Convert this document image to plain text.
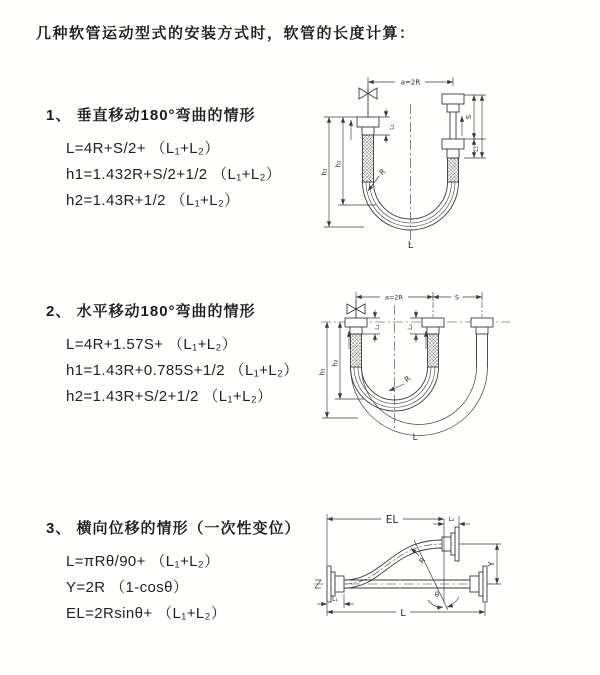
几种软管运动型式的安装方式时，软管的长度计算：
1、 垂直移动180°弯曲的情形
L=4R+S/2+ （L₁+L₂）
h1=1.432R+S/2+1/2 （L₁+L₂）
h2=1.43R+1/2 （L₁+L₂）
2、 水平移动180°弯曲的情形
L=4R+1.57S+ （L₁+L₂）
h1=1.43R+0.785S+1/2 （L₁+L₂）
h2=1.43R+S/2+1/2 （L₁+L₂）
3、 横向位移的情形（一次性变位）
L=πRθ/90+ （L₁+L₂）
Y=2R （1-cosθ）
EL=2Rsinθ+ （L₁+L₂）
a=2R
S
L₂
L₁
h₁
h₂
R
L
a=2R	S
h₁
h₂
L₁	L₂
R
L
EL	L₂
Y
L
L₁
R
θ
